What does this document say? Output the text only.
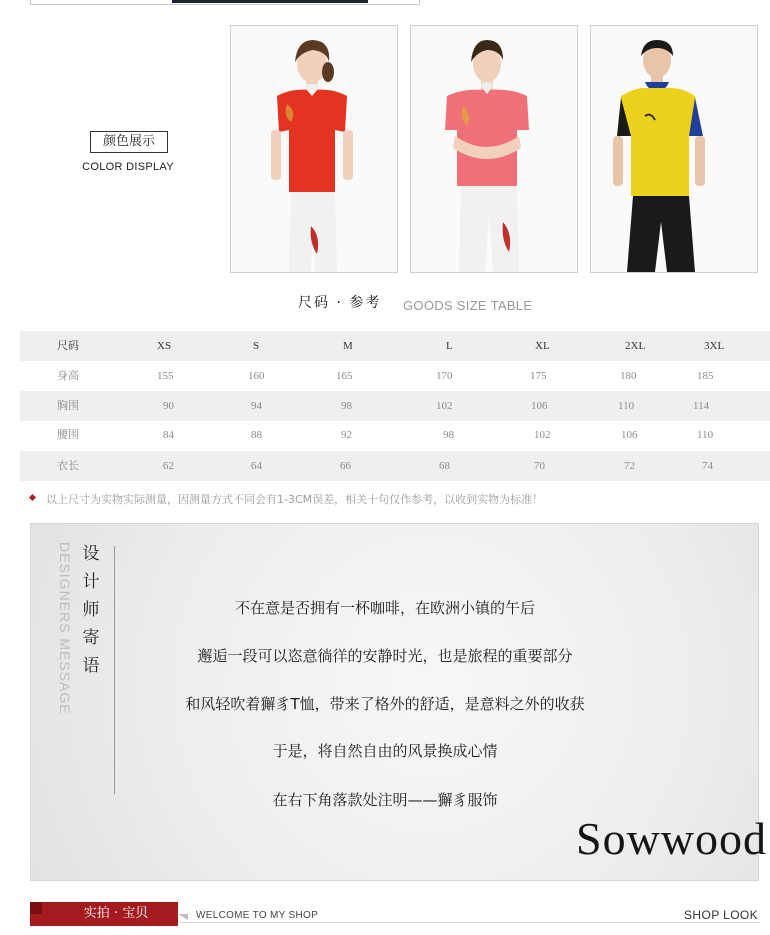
颜色展示
COLOR DISPLAY
尺码 · 参考 GOODS SIZE TABLE
尺码	XS	S	M	L	XL	2XL	3XL
身高	155	160	165	170	175	180	185
胸围	90	94	98	102	106	110	114
腰围	84	88	92	98	102	106	110
衣长	62	64	66	68	70	72	74
以上尺寸为实物实际测量，因测量方式不同会有1-3CM误差，相关十句仅作参考，以收到实物为标准！
DESIGNERS MESSAGE 设
计
师
寄
语
不在意是否拥有一杯咖啡，在欧洲小镇的午后
邂逅一段可以恣意徜徉的安静时光，也是旅程的重要部分
和风轻吹着獬豸T恤，带来了格外的舒适，是意料之外的收获
于是，将自然自由的风景换成心情
在右下角落款处注明——獬豸服饰
Sowwood
实拍 · 宝贝	WELCOME TO MY SHOP	SHOP LOOK
